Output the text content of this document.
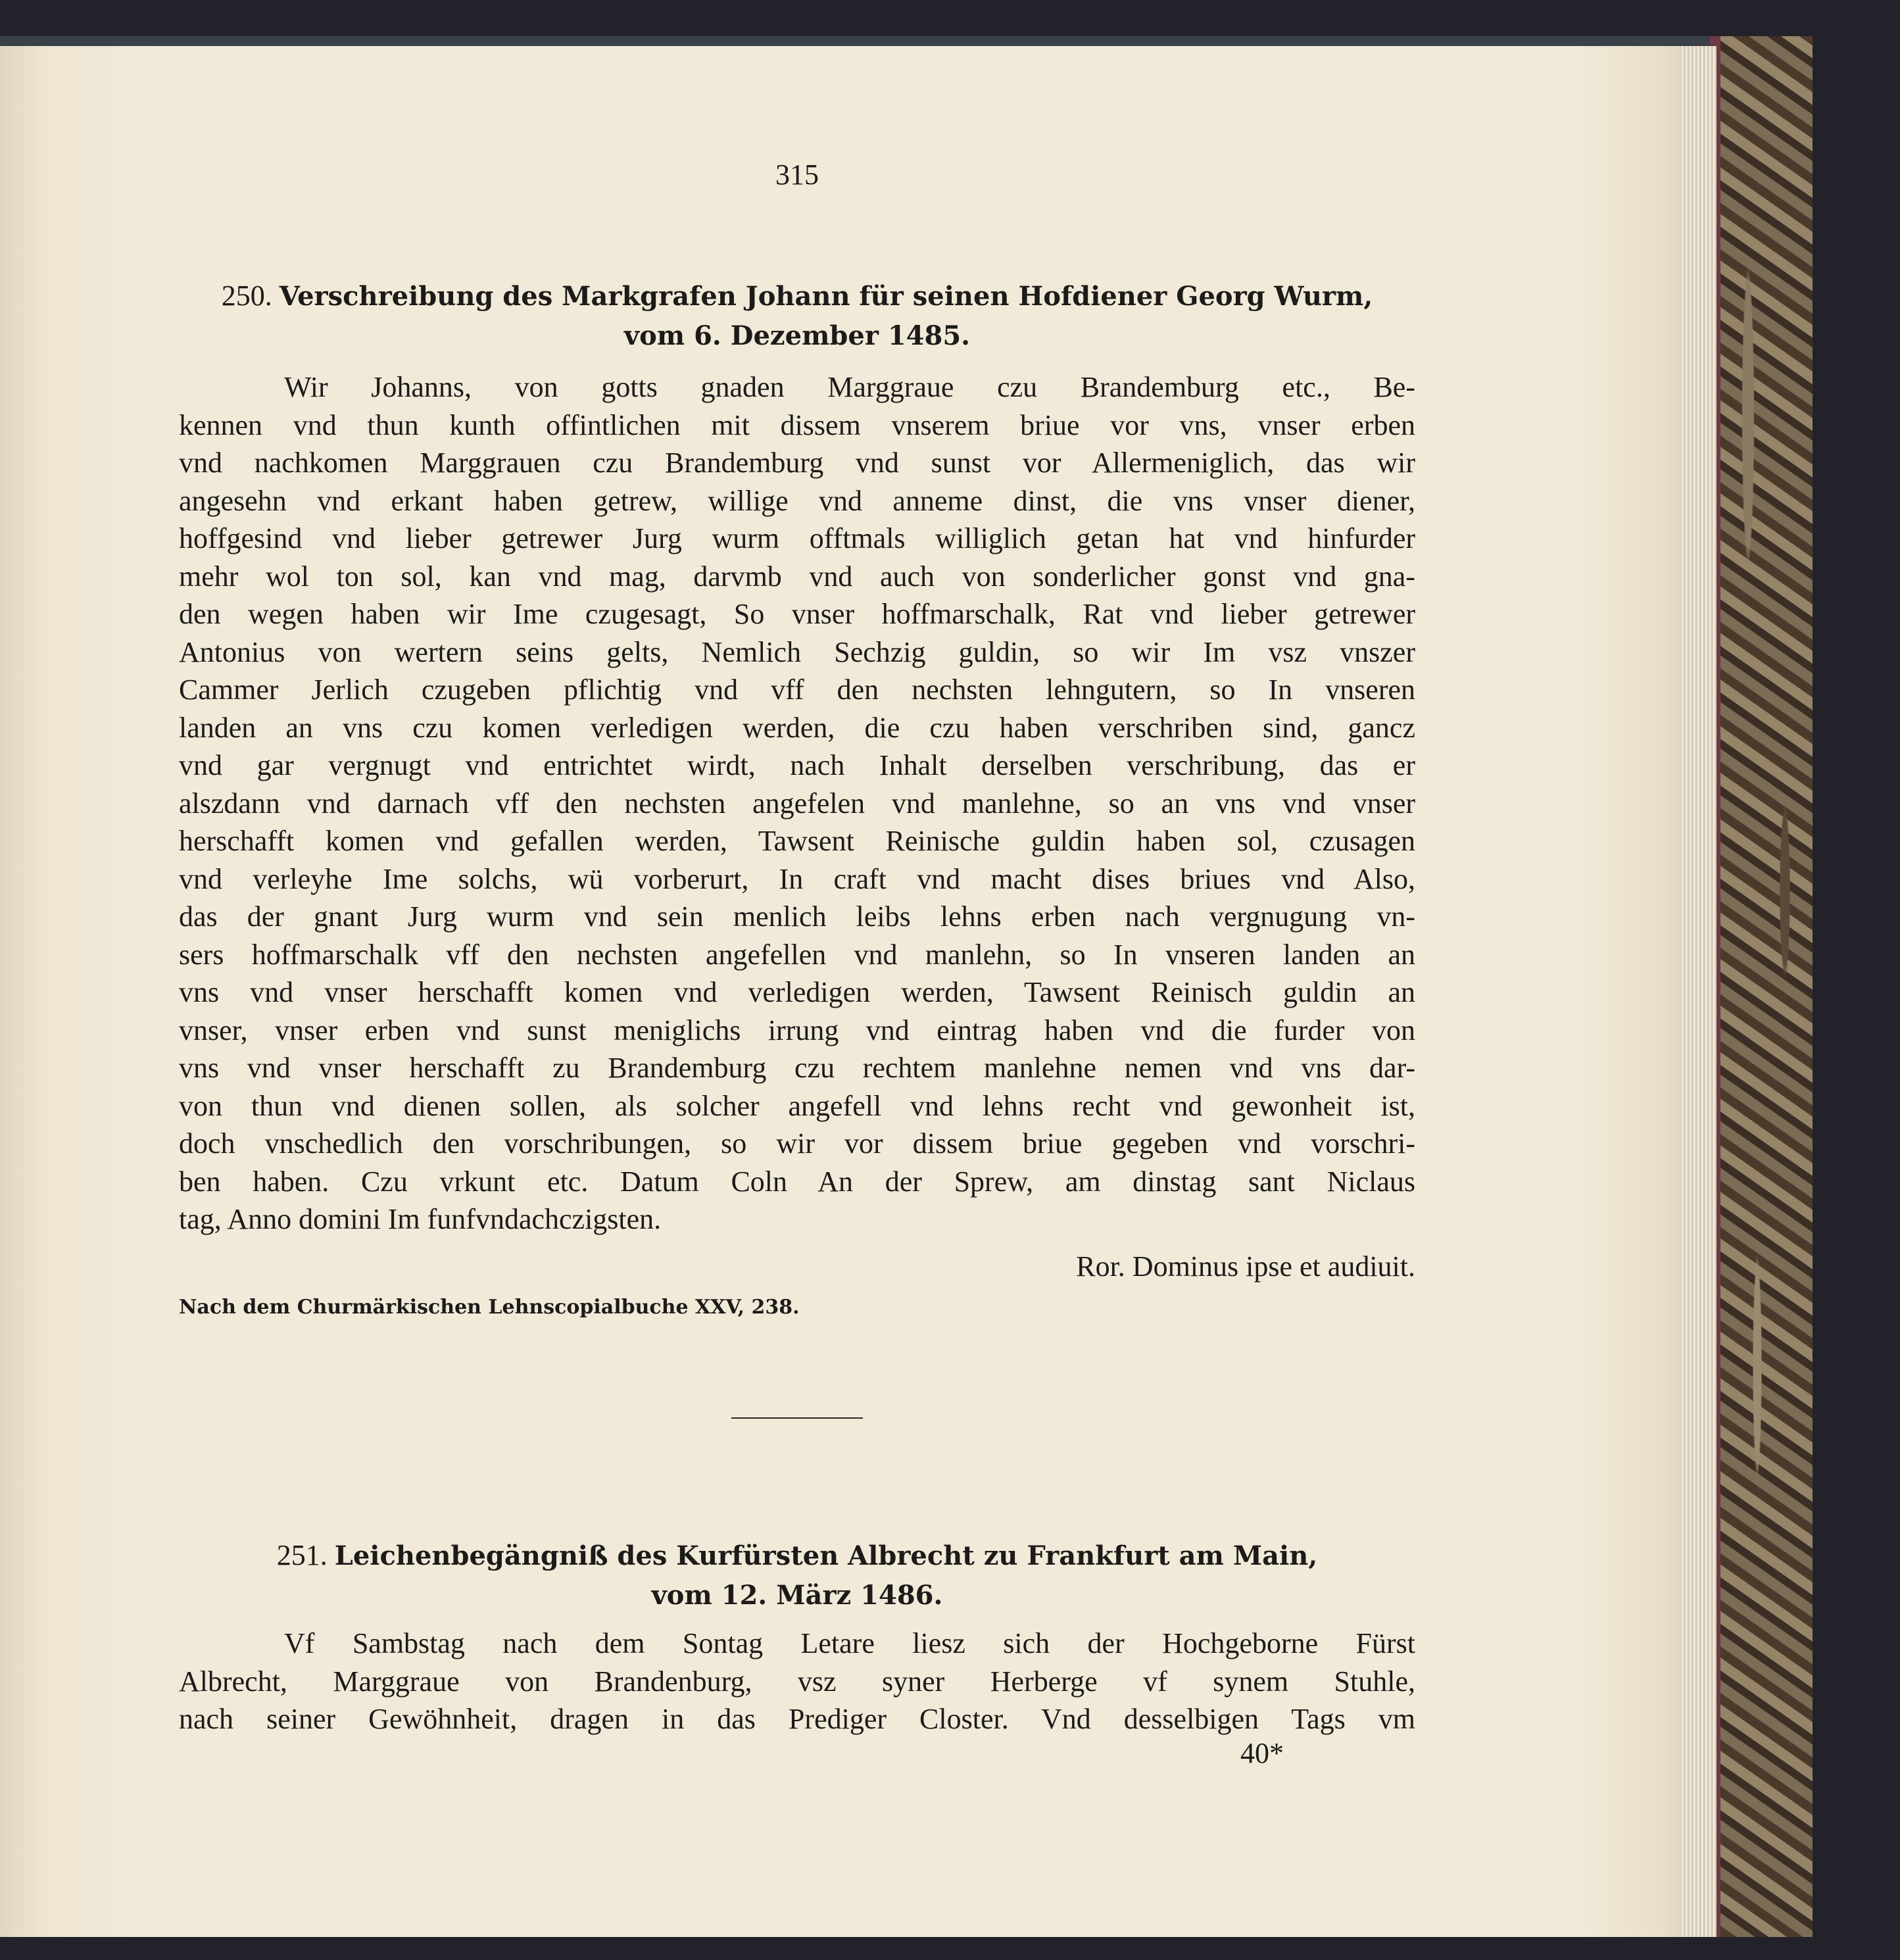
315
250. Verschreibung des Markgrafen Johann für seinen Hofdiener Georg Wurm,
vom 6. Dezember 1485.
Wir Johanns, von gotts gnaden Marggraue czu Brandemburg etc., Be-
kennen vnd thun kunth offintlichen mit dissem vnserem briue vor vns, vnser erben
vnd nachkomen Marggrauen czu Brandemburg vnd sunst vor Allermeniglich, das wir
angesehn vnd erkant haben getrew, willige vnd anneme dinst, die vns vnser diener,
hoffgesind vnd lieber getrewer Jurg wurm offtmals williglich getan hat vnd hinfurder
mehr wol ton sol, kan vnd mag, darvmb vnd auch von sonderlicher gonst vnd gna-
den wegen haben wir Ime czugesagt, So vnser hoffmarschalk, Rat vnd lieber getrewer
Antonius von wertern seins gelts, Nemlich Sechzig guldin, so wir Im vsz vnszer
Cammer Jerlich czugeben pflichtig vnd vff den nechsten lehngutern, so In vnseren
landen an vns czu komen verledigen werden, die czu haben verschriben sind, gancz
vnd gar vergnugt vnd entrichtet wirdt, nach Inhalt derselben verschribung, das er
alszdann vnd darnach vff den nechsten angefelen vnd manlehne, so an vns vnd vnser
herschafft komen vnd gefallen werden, Tawsent Reinische guldin haben sol, czusagen
vnd verleyhe Ime solchs, wü vorberurt, In craft vnd macht dises briues vnd Also,
das der gnant Jurg wurm vnd sein menlich leibs lehns erben nach vergnugung vn-
sers hoffmarschalk vff den nechsten angefellen vnd manlehn, so In vnseren landen an
vns vnd vnser herschafft komen vnd verledigen werden, Tawsent Reinisch guldin an
vnser, vnser erben vnd sunst meniglichs irrung vnd eintrag haben vnd die furder von
vns vnd vnser herschafft zu Brandemburg czu rechtem manlehne nemen vnd vns dar-
von thun vnd dienen sollen, als solcher angefell vnd lehns recht vnd gewonheit ist,
doch vnschedlich den vorschribungen, so wir vor dissem briue gegeben vnd vorschri-
ben haben. Czu vrkunt etc. Datum Coln An der Sprew, am dinstag sant Niclaus
tag, Anno domini Im funfvndachczigsten.
Ror. Dominus ipse et audiuit.
Nach dem Churmärkischen Lehnscopialbuche XXV, 238.
251. Leichenbegängniß des Kurfürsten Albrecht zu Frankfurt am Main,
vom 12. März 1486.
Vf Sambstag nach dem Sontag Letare liesz sich der Hochgeborne Fürst
Albrecht, Marggraue von Brandenburg, vsz syner Herberge vf synem Stuhle,
nach seiner Gewöhnheit, dragen in das Prediger Closter. Vnd desselbigen Tags vm
40*
